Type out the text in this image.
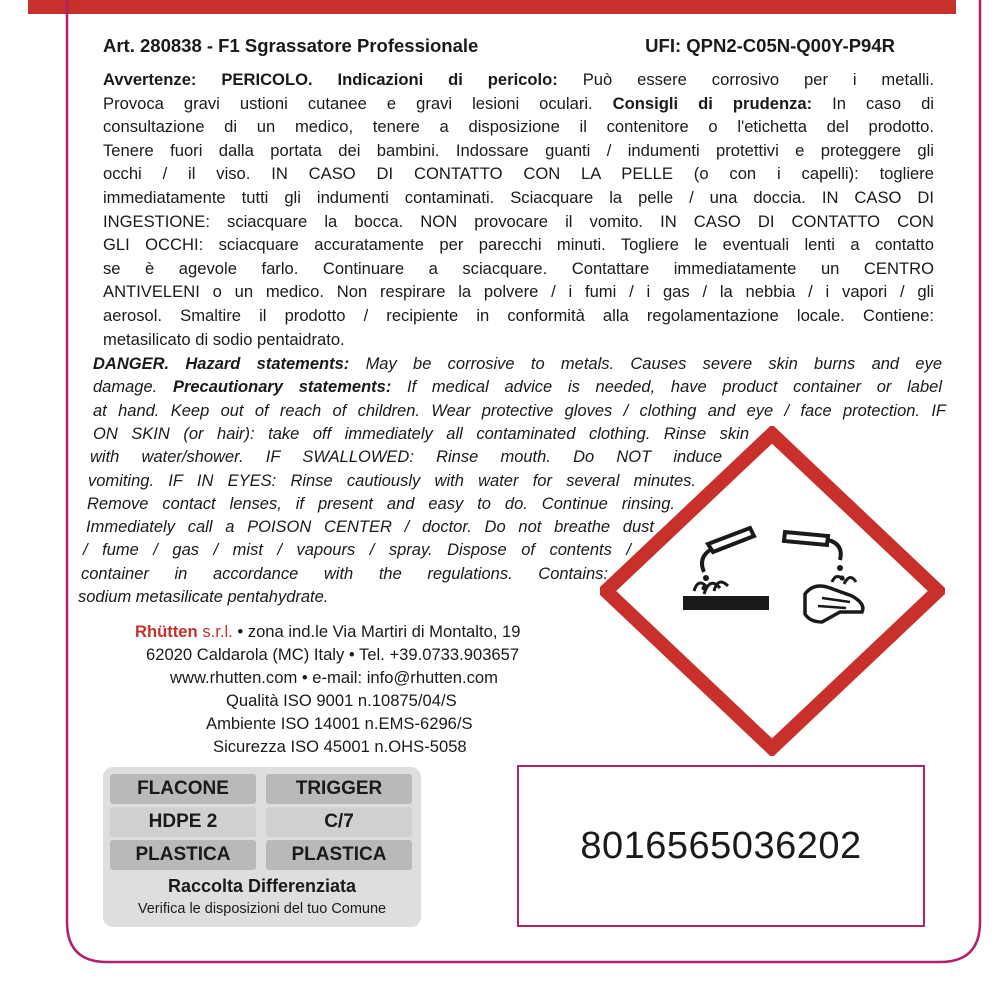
Art. 280838 - F1 Sgrassatore Professionale	UFI: QPN2-C05N-Q00Y-P94R
Avvertenze: PERICOLO. Indicazioni di pericolo: Può essere corrosivo per i metalli.
Provoca gravi ustioni cutanee e gravi lesioni oculari. Consigli di prudenza: In caso di
consultazione di un medico, tenere a disposizione il contenitore o l'etichetta del prodotto.
Tenere fuori dalla portata dei bambini. Indossare guanti / indumenti protettivi e proteggere gli
occhi / il viso. IN CASO DI CONTATTO CON LA PELLE (o con i capelli): togliere
immediatamente tutti gli indumenti contaminati. Sciacquare la pelle / una doccia. IN CASO DI
INGESTIONE: sciacquare la bocca. NON provocare il vomito. IN CASO DI CONTATTO CON
GLI OCCHI: sciacquare accuratamente per parecchi minuti. Togliere le eventuali lenti a contatto
se è agevole farlo. Continuare a sciacquare. Contattare immediatamente un CENTRO
ANTIVELENI o un medico. Non respirare la polvere / i fumi / i gas / la nebbia / i vapori / gli
aerosol. Smaltire il prodotto / recipiente in conformità alla regolamentazione locale. Contiene:
metasilicato di sodio pentaidrato.
DANGER. Hazard statements: May be corrosive to metals. Causes severe skin burns and eye
damage. Precautionary statements: If medical advice is needed, have product container or label
at hand. Keep out of reach of children. Wear protective gloves / clothing and eye / face protection. IF
ON SKIN (or hair): take off immediately all contaminated clothing. Rinse skin
with water/shower. IF SWALLOWED: Rinse mouth. Do NOT induce
vomiting. IF IN EYES: Rinse cautiously with water for several minutes.
Remove contact lenses, if present and easy to do. Continue rinsing.
Immediately call a POISON CENTER / doctor. Do not breathe dust
/ fume / gas / mist / vapours / spray. Dispose of contents /
container in accordance with the regulations. Contains:
sodium metasilicate pentahydrate.
Rhütten s.r.l. • zona ind.le Via Martiri di Montalto, 19
62020 Caldarola (MC) Italy • Tel. +39.0733.903657
www.rhutten.com • e-mail: info@rhutten.com
Qualità ISO 9001 n.10875/04/S
Ambiente ISO 14001 n.EMS-6296/S
Sicurezza ISO 45001 n.OHS-5058
FLACONE	TRIGGER
HDPE 2	C/7
PLASTICA	PLASTICA
Raccolta Differenziata
Verifica le disposizioni del tuo Comune
8016565036202
